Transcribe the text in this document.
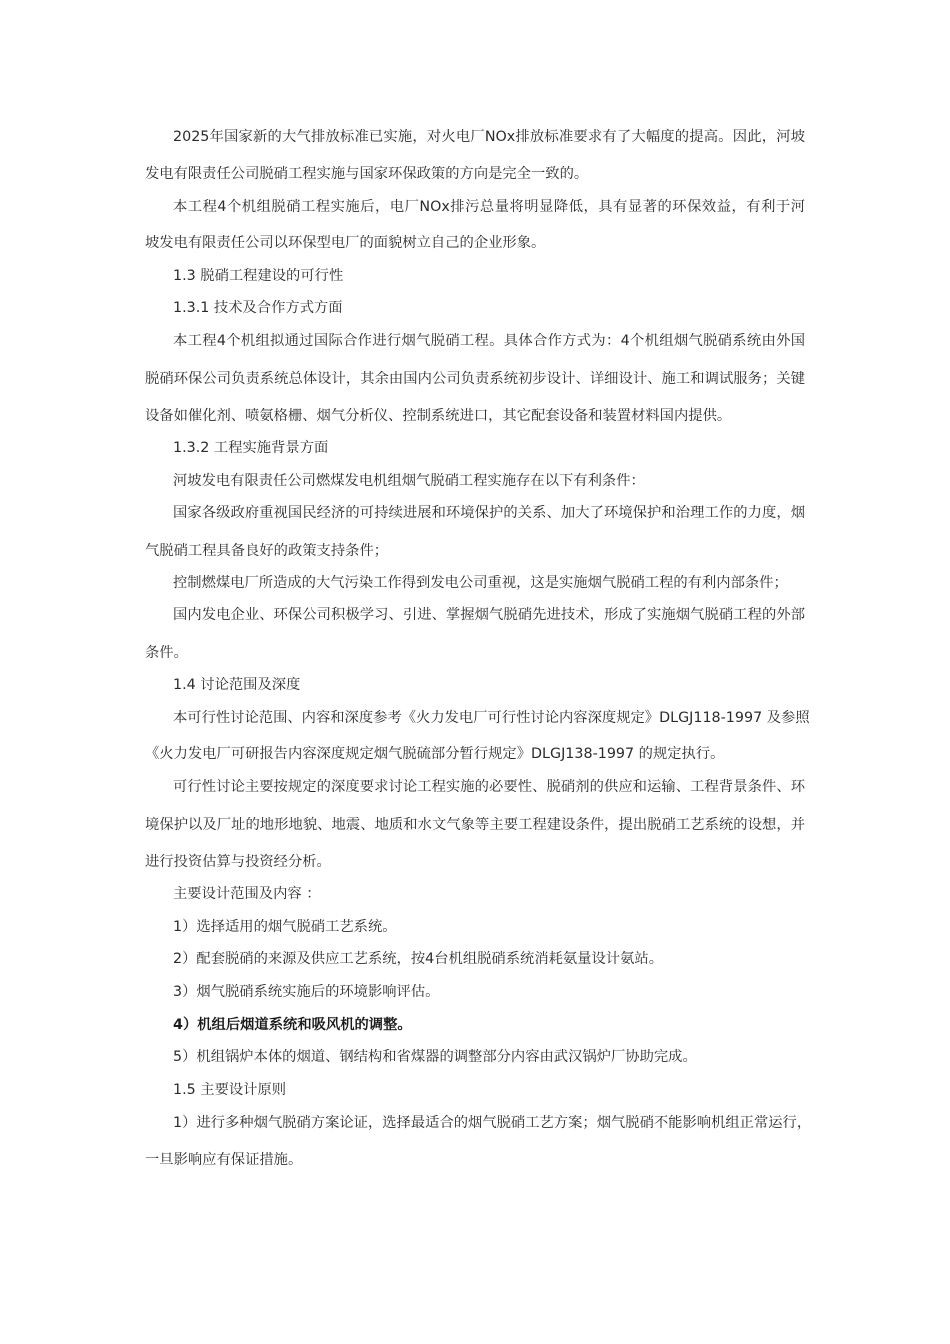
2025年国家新的大气排放标准已实施，对火电厂NOx排放标准要求有了大幅度的提高。因此，河坡
发电有限责任公司脱硝工程实施与国家环保政策的方向是完全一致的。
本工程4个机组脱硝工程实施后，电厂NOx排污总量将明显降低，具有显著的环保效益，有利于河
坡发电有限责任公司以环保型电厂的面貌树立自己的企业形象。
1.3 脱硝工程建设的可行性
1.3.1 技术及合作方式方面
本工程4个机组拟通过国际合作进行烟气脱硝工程。具体合作方式为：4个机组烟气脱硝系统由外国
脱硝环保公司负责系统总体设计，其余由国内公司负责系统初步设计、详细设计、施工和调试服务；关键
设备如催化剂、喷氨格栅、烟气分析仪、控制系统进口，其它配套设备和装置材料国内提供。
1.3.2 工程实施背景方面
河坡发电有限责任公司燃煤发电机组烟气脱硝工程实施存在以下有利条件：
国家各级政府重视国民经济的可持续进展和环境保护的关系、加大了环境保护和治理工作的力度，烟
气脱硝工程具备良好的政策支持条件；
控制燃煤电厂所造成的大气污染工作得到发电公司重视，这是实施烟气脱硝工程的有利内部条件；
国内发电企业、环保公司积极学习、引进、掌握烟气脱硝先进技术，形成了实施烟气脱硝工程的外部
条件。
1.4 讨论范围及深度
本可行性讨论范围、内容和深度参考《火力发电厂可行性讨论内容深度规定》DLGJ118-1997 及参照
《火力发电厂可研报告内容深度规定烟气脱硫部分暂行规定》DLGJ138-1997 的规定执行。
可行性讨论主要按规定的深度要求讨论工程实施的必要性、脱硝剂的供应和运输、工程背景条件、环
境保护以及厂址的地形地貌、地震、地质和水文气象等主要工程建设条件，提出脱硝工艺系统的设想，并
进行投资估算与投资经分析。
主要设计范围及内容 ：
1）选择适用的烟气脱硝工艺系统。
2）配套脱硝的来源及供应工艺系统，按4台机组脱硝系统消耗氨量设计氨站。
3）烟气脱硝系统实施后的环境影响评估。
4）机组后烟道系统和吸风机的调整。
5）机组锅炉本体的烟道、钢结构和省煤器的调整部分内容由武汉锅炉厂协助完成。
1.5 主要设计原则
1）进行多种烟气脱硝方案论证，选择最适合的烟气脱硝工艺方案；烟气脱硝不能影响机组正常运行，
一旦影响应有保证措施。
